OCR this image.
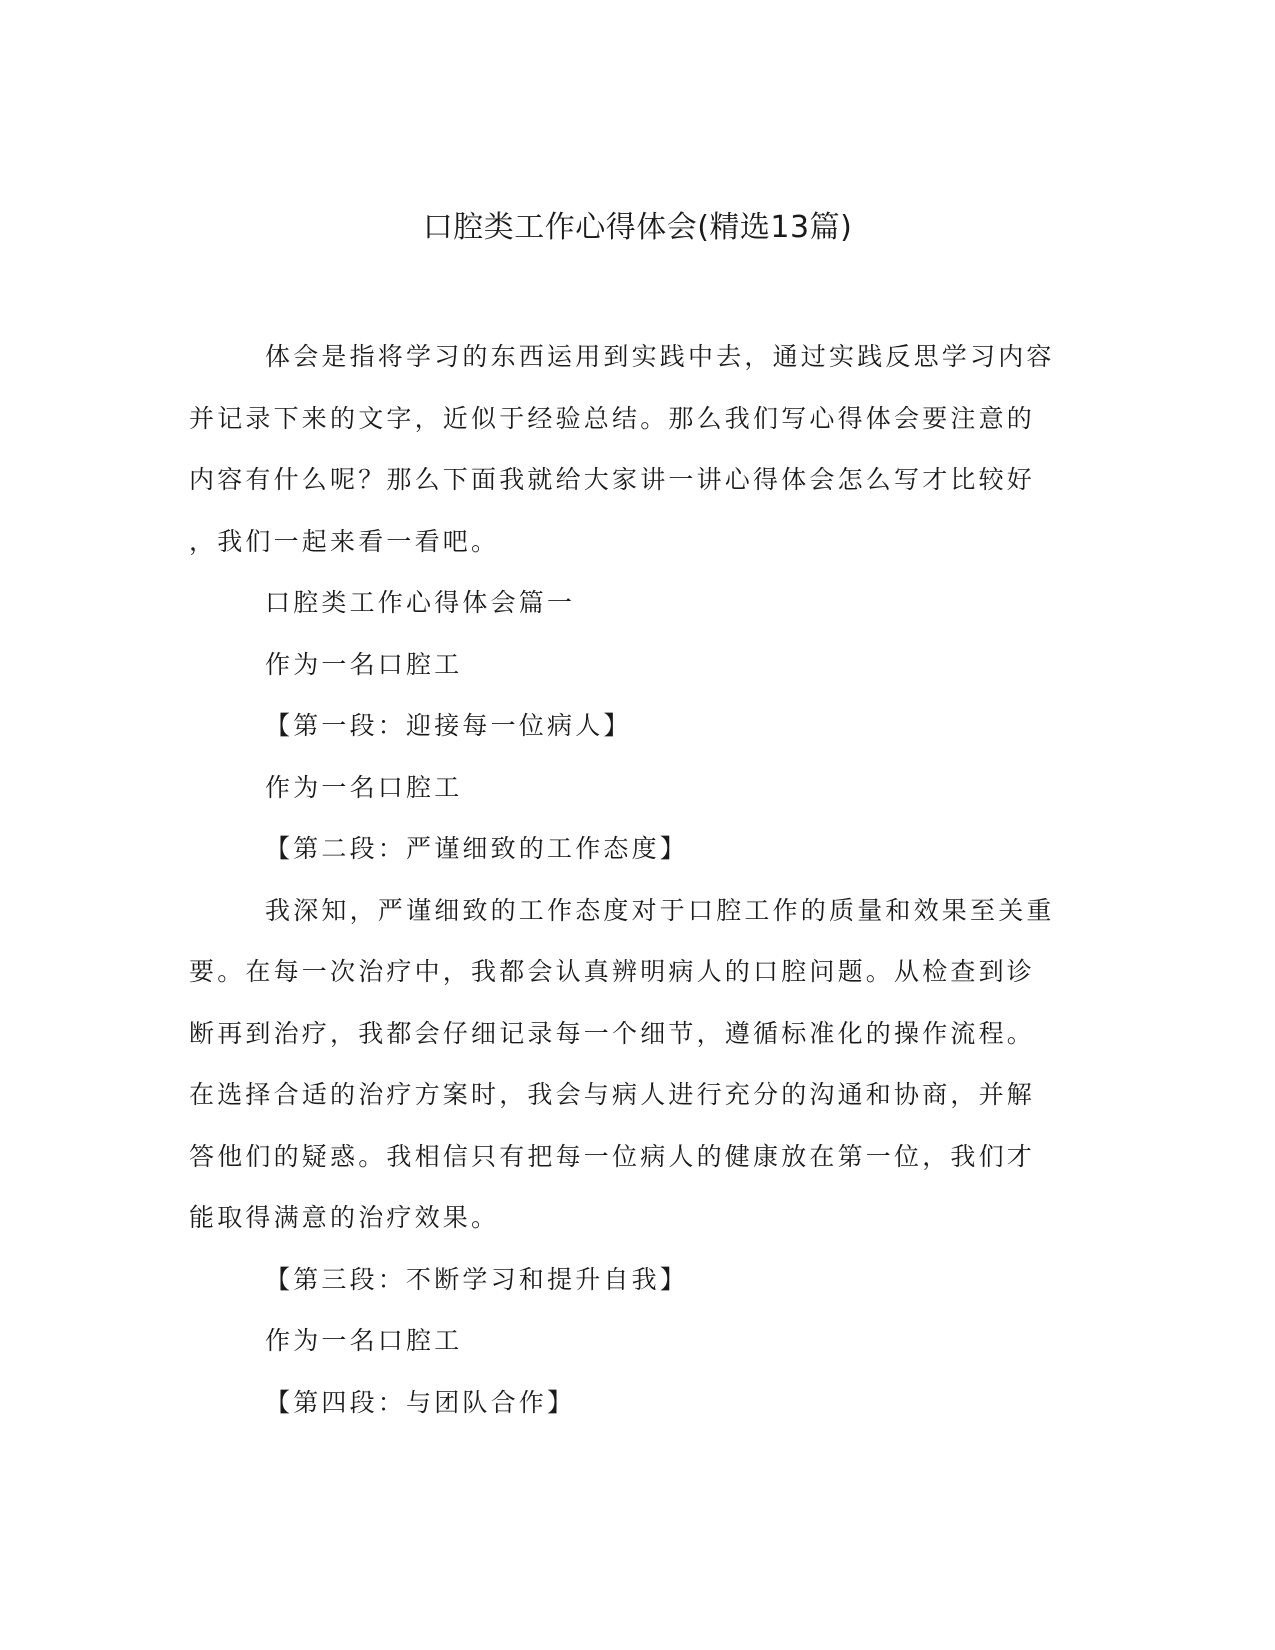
口腔类工作心得体会(精选13篇)
体会是指将学习的东西运用到实践中去，通过实践反思学习内容
并记录下来的文字，近似于经验总结。那么我们写心得体会要注意的
内容有什么呢？那么下面我就给大家讲一讲心得体会怎么写才比较好
，我们一起来看一看吧。
口腔类工作心得体会篇一
作为一名口腔工
【第一段：迎接每一位病人】
作为一名口腔工
【第二段：严谨细致的工作态度】
我深知，严谨细致的工作态度对于口腔工作的质量和效果至关重
要。在每一次治疗中，我都会认真辨明病人的口腔问题。从检查到诊
断再到治疗，我都会仔细记录每一个细节，遵循标准化的操作流程。
在选择合适的治疗方案时，我会与病人进行充分的沟通和协商，并解
答他们的疑惑。我相信只有把每一位病人的健康放在第一位，我们才
能取得满意的治疗效果。
【第三段：不断学习和提升自我】
作为一名口腔工
【第四段：与团队合作】
